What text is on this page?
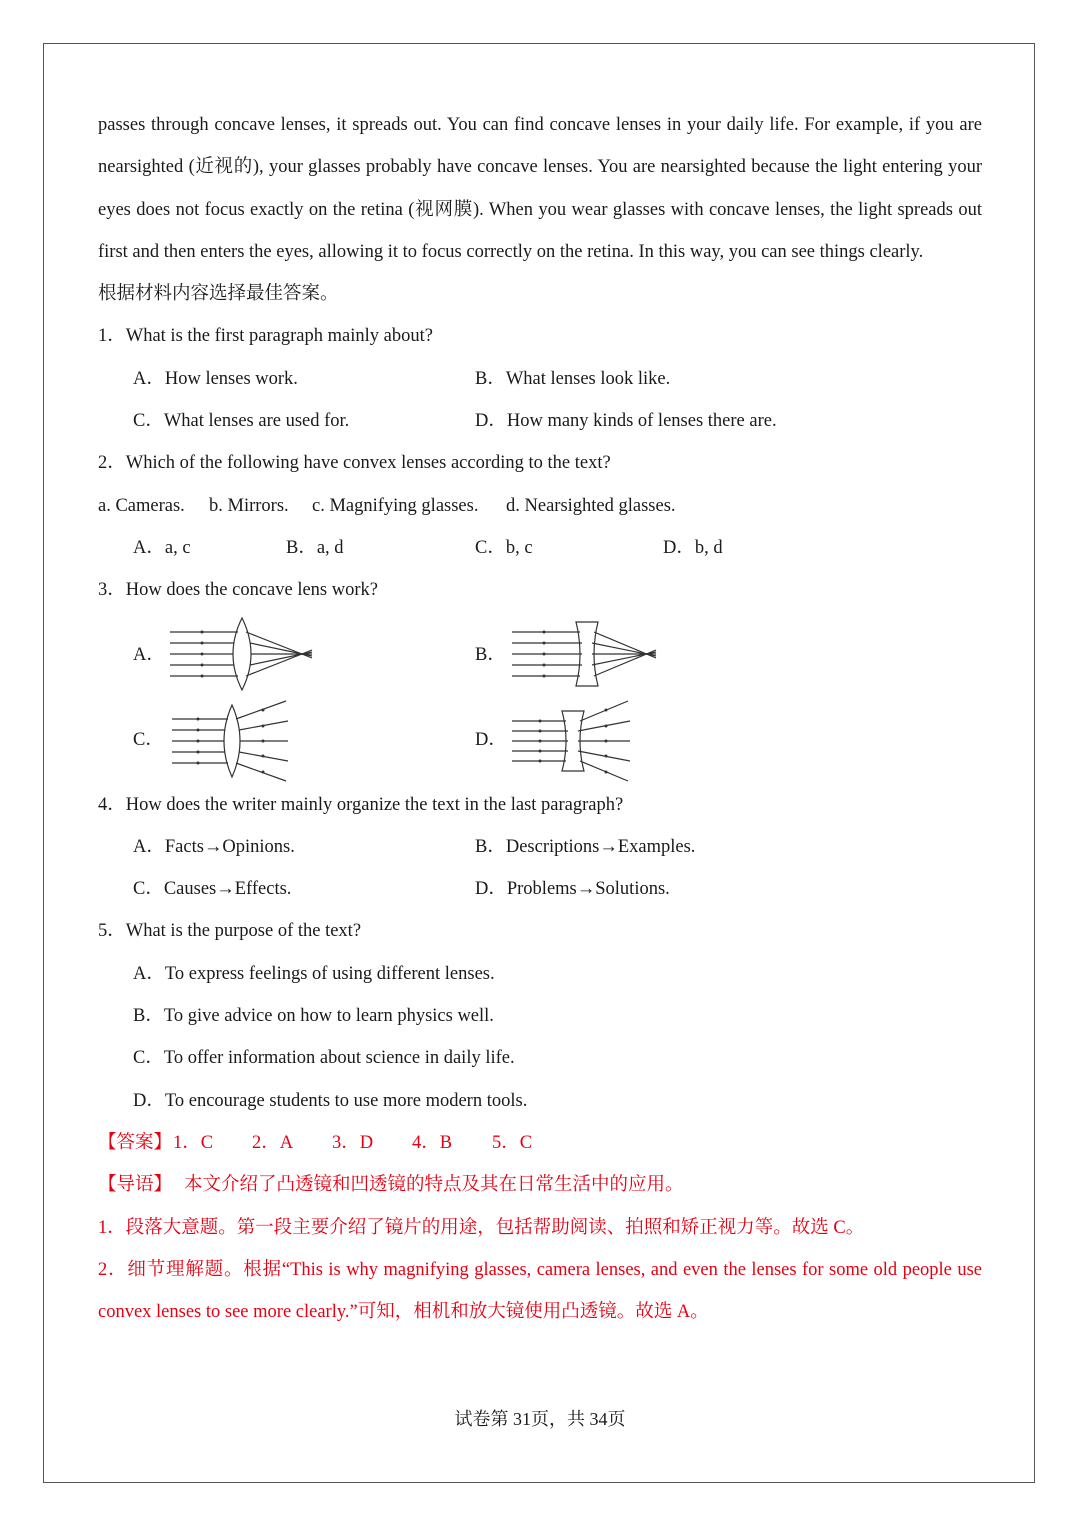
passes through concave lenses, it spreads out. You can find concave lenses in your daily life. For example, if you are nearsighted (近视的), your glasses probably have concave lenses. You are nearsighted because the light entering your eyes does not focus exactly on the retina (视网膜). When you wear glasses with concave lenses, the light spreads out first and then enters the eyes, allowing it to focus correctly on the retina. In this way, you can see things clearly.
根据材料内容选择最佳答案。
1．What is the first paragraph mainly about?
A．How lenses work.	B．What lenses look like.
C．What lenses are used for.	D．How many kinds of lenses there are.
2．Which of the following have convex lenses according to the text?
a. Cameras. b. Mirrors. c. Magnifying glasses. d. Nearsighted glasses.
A．a, c	B．a, d	C．b, c	D．b, d
3．How does the concave lens work?
A．	B．
C．	D．
4．How does the writer mainly organize the text in the last paragraph?
A．Facts→Opinions.	B．Descriptions→Examples.
C．Causes→Effects.	D．Problems→Solutions.
5．What is the purpose of the text?
A．To express feelings of using different lenses.
B．To give advice on how to learn physics well.
C．To offer information about science in daily life.
D．To encourage students to use more modern tools.
【答案】 1．C 2．A 3．D 4．B 5．C
【导语】 本文介绍了凸透镜和凹透镜的特点及其在日常生活中的应用。
1．段落大意题。第一段主要介绍了镜片的用途，包括帮助阅读、拍照和矫正视力等。故选 C。
2．细节理解题。根据“This is why magnifying glasses, camera lenses, and even the lenses for some old people use convex lenses to see more clearly.”可知，相机和放大镜使用凸透镜。故选 A。
试卷第 31页，共 34页
